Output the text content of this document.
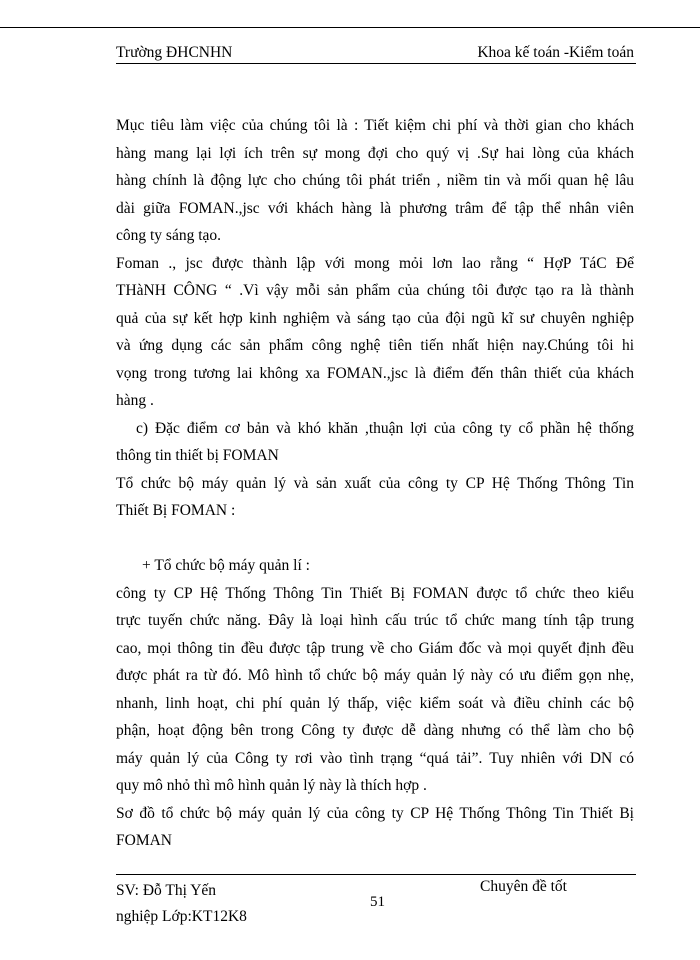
Trường ĐHCNHN	Khoa kế toán -Kiểm toán
Mục tiêu làm việc của chúng tôi là : Tiết kiệm chi phí và thời gian cho khách
hàng mang lại lợi ích trên sự mong đợi cho quý vị .Sự hai lòng của khách
hàng chính là động lực cho chúng tôi phát triển , niềm tin và mối quan hệ lâu
dài giữa FOMAN.,jsc với khách hàng là phương trâm để tập thể nhân viên
công ty sáng tạo.
Foman ., jsc được thành lập với mong mỏi lơn lao rằng “ HợP TáC Để
THàNH CÔNG “ .Vì vậy mỗi sản phẩm của chúng tôi được tạo ra là thành
quả của sự kết hợp kinh nghiệm và sáng tạo của đội ngũ kĩ sư chuyên nghiệp
và ứng dụng các sản phẩm công nghệ tiên tiến nhất hiện nay.Chúng tôi hi
vọng trong tương lai không xa FOMAN.,jsc là điểm đến thân thiết của khách
hàng .
c) Đặc điểm cơ bản và khó khăn ,thuận lợi của công ty cổ phần hệ thống
thông tin thiết bị FOMAN
Tổ chức bộ máy quản lý và sản xuất của công ty CP Hệ Thống Thông Tin
Thiết Bị FOMAN :
+ Tổ chức bộ máy quản lí :
công ty CP Hệ Thống Thông Tin Thiết Bị FOMAN được tổ chức theo kiểu
trực tuyến chức năng. Đây là loại hình cấu trúc tổ chức mang tính tập trung
cao, mọi thông tin đều được tập trung về cho Giám đốc và mọi quyết định đều
được phát ra từ đó. Mô hình tổ chức bộ máy quản lý này có ưu điểm gọn nhẹ,
nhanh, linh hoạt, chi phí quản lý thấp, việc kiểm soát và điều chỉnh các bộ
phận, hoạt động bên trong Công ty được dễ dàng nhưng có thể làm cho bộ
máy quản lý của Công ty rơi vào tình trạng “quá tải”. Tuy nhiên với DN có
quy mô nhỏ thì mô hình quản lý này là thích hợp .
Sơ đồ tổ chức bộ máy quản lý của công ty CP Hệ Thống Thông Tin Thiết Bị
FOMAN
SV: Đỗ Thị Yến
nghiệp Lớp:KT12K8
51
Chuyên đề tốt
